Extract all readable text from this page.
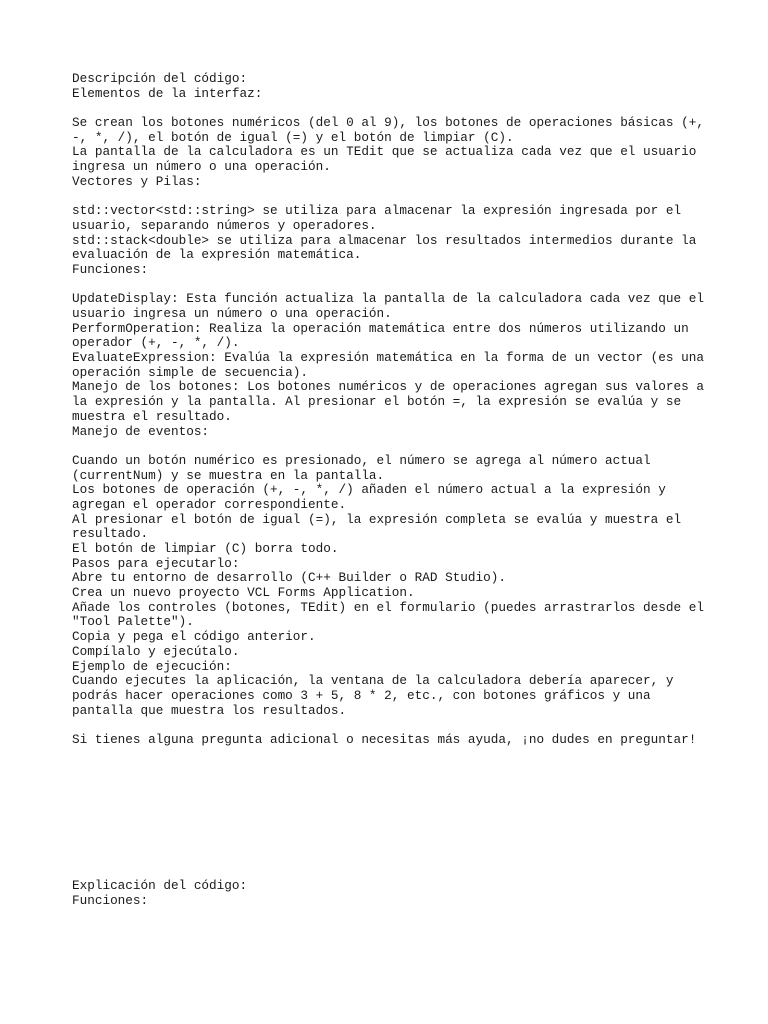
Descripción del código:
Elementos de la interfaz:

Se crean los botones numéricos (del 0 al 9), los botones de operaciones básicas (+,
-, *, /), el botón de igual (=) y el botón de limpiar (C).
La pantalla de la calculadora es un TEdit que se actualiza cada vez que el usuario
ingresa un número o una operación.
Vectores y Pilas:

std::vector<std::string> se utiliza para almacenar la expresión ingresada por el
usuario, separando números y operadores.
std::stack<double> se utiliza para almacenar los resultados intermedios durante la
evaluación de la expresión matemática.
Funciones:

UpdateDisplay: Esta función actualiza la pantalla de la calculadora cada vez que el
usuario ingresa un número o una operación.
PerformOperation: Realiza la operación matemática entre dos números utilizando un
operador (+, -, *, /).
EvaluateExpression: Evalúa la expresión matemática en la forma de un vector (es una
operación simple de secuencia).
Manejo de los botones: Los botones numéricos y de operaciones agregan sus valores a
la expresión y la pantalla. Al presionar el botón =, la expresión se evalúa y se
muestra el resultado.
Manejo de eventos:

Cuando un botón numérico es presionado, el número se agrega al número actual
(currentNum) y se muestra en la pantalla.
Los botones de operación (+, -, *, /) añaden el número actual a la expresión y
agregan el operador correspondiente.
Al presionar el botón de igual (=), la expresión completa se evalúa y muestra el
resultado.
El botón de limpiar (C) borra todo.
Pasos para ejecutarlo:
Abre tu entorno de desarrollo (C++ Builder o RAD Studio).
Crea un nuevo proyecto VCL Forms Application.
Añade los controles (botones, TEdit) en el formulario (puedes arrastrarlos desde el
"Tool Palette").
Copia y pega el código anterior.
Compílalo y ejecútalo.
Ejemplo de ejecución:
Cuando ejecutes la aplicación, la ventana de la calculadora debería aparecer, y
podrás hacer operaciones como 3 + 5, 8 * 2, etc., con botones gráficos y una
pantalla que muestra los resultados.

Si tienes alguna pregunta adicional o necesitas más ayuda, ¡no dudes en preguntar!
Explicación del código:
Funciones:
